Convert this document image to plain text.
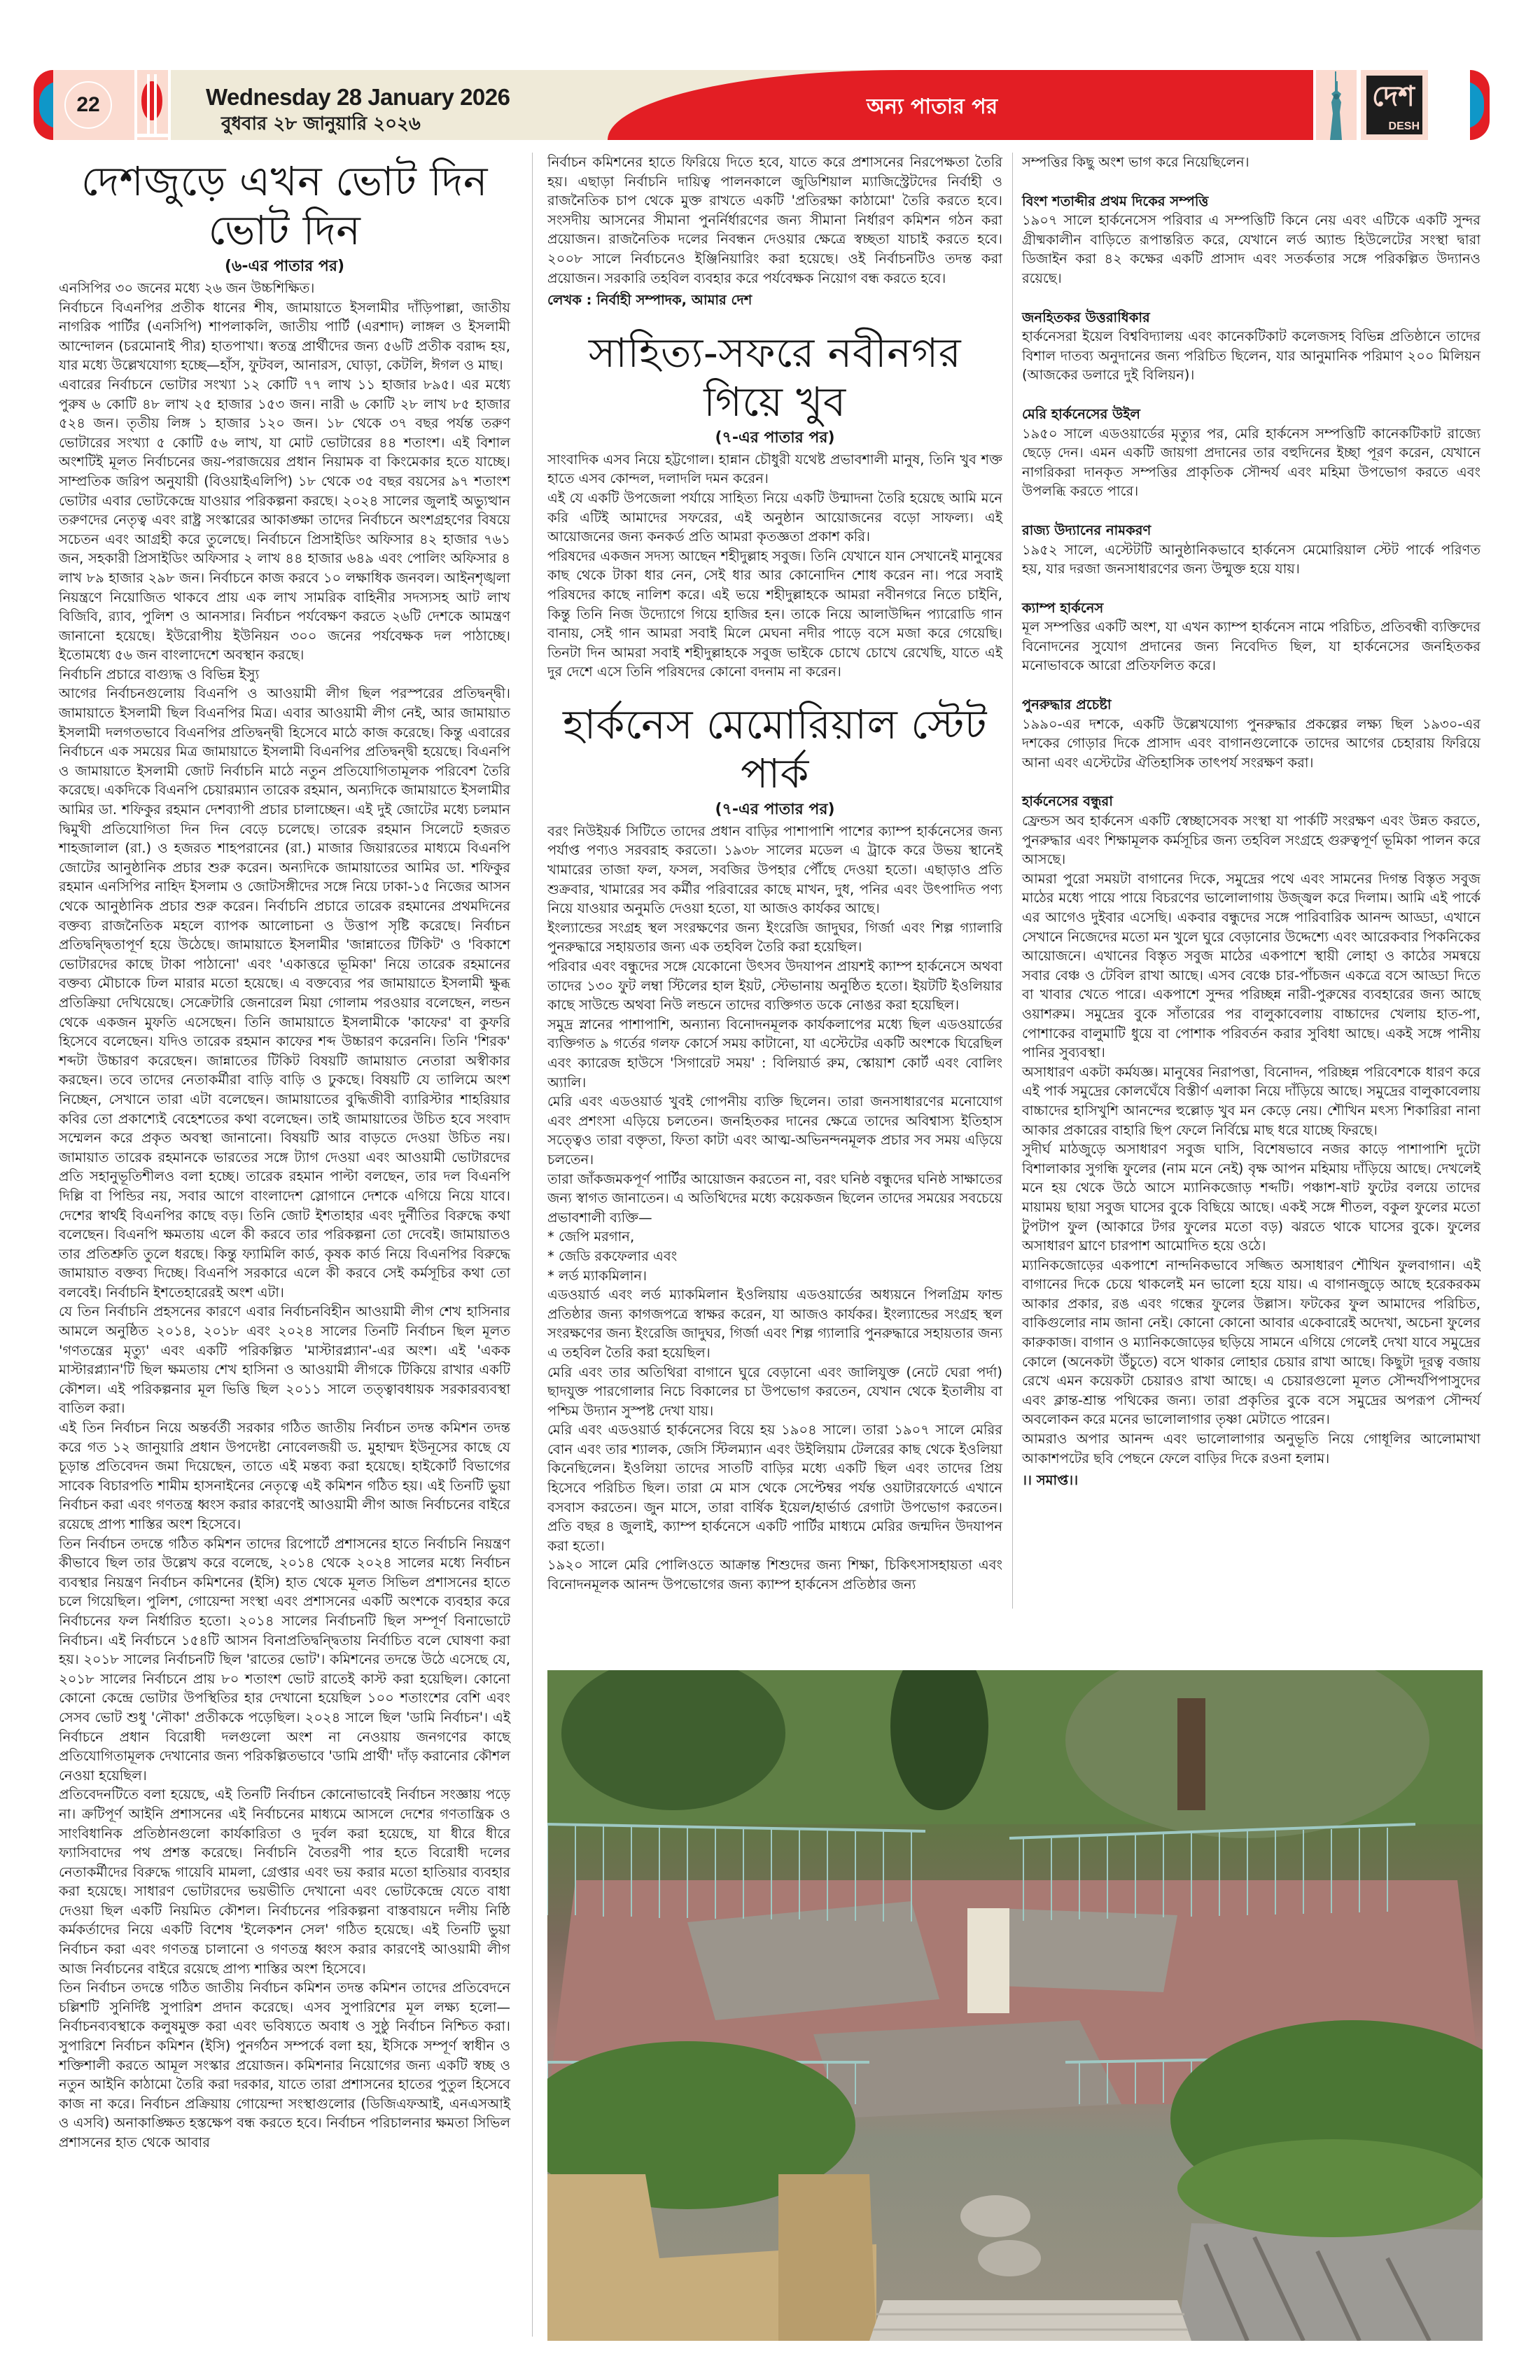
22	Wednesday 28 January 2026
বুধবার ২৮ জানুয়ারি ২০২৬
অন্য পাতার পর	দেশ
DESH
দেশজুড়ে এখন ভোট দিন ভোট দিন
(৬-এর পাতার পর)

এনসিপির ৩০ জনের মধ্যে ২৬ জন উচ্চশিক্ষিত।

নির্বাচনে বিএনপির প্রতীক ধানের শীষ, জামায়াতে ইসলামীর দাঁড়িপাল্লা, জাতীয় নাগরিক পার্টির (এনসিপি) শাপলাকলি, জাতীয় পার্টি (এরশাদ) লাঙ্গল ও ইসলামী আন্দোলন (চরমোনাই পীর) হাতপাখা। স্বতন্ত্র প্রার্থীদের জন্য ৫৬টি প্রতীক বরাদ্দ হয়, যার মধ্যে উল্লেখযোগ্য হচ্ছে—হাঁস, ফুটবল, আনারস, ঘোড়া, কেটলি, ঈগল ও মাছ।

এবারের নির্বাচনে ভোটার সংখ্যা ১২ কোটি ৭৭ লাখ ১১ হাজার ৮৯৫। এর মধ্যে পুরুষ ৬ কোটি ৪৮ লাখ ২৫ হাজার ১৫৩ জন। নারী ৬ কোটি ২৮ লাখ ৮৫ হাজার ৫২৪ জন। তৃতীয় লিঙ্গ ১ হাজার ১২০ জন। ১৮ থেকে ৩৭ বছর পর্যন্ত তরুণ ভোটারের সংখ্যা ৫ কোটি ৫৬ লাখ, যা মোট ভোটারের ৪৪ শতাংশ। এই বিশাল অংশটিই মূলত নির্বাচনের জয়-পরাজয়ের প্রধান নিয়ামক বা কিংমেকার হতে যাচ্ছে। সাম্প্রতিক জরিপ অনুযায়ী (বিওয়াইএলিপি) ১৮ থেকে ৩৫ বছর বয়সের ৯৭ শতাংশ ভোটার এবার ভোটকেন্দ্রে যাওয়ার পরিকল্পনা করছে। ২০২৪ সালের জুলাই অভ্যুত্থান তরুণদের নেতৃত্ব এবং রাষ্ট্র সংস্কারের আকাঙ্ক্ষা তাদের নির্বাচনে অংশগ্রহণের বিষয়ে সচেতন এবং আগ্রহী করে তুলেছে। নির্বাচনে প্রিসাইডিং অফিসার ৪২ হাজার ৭৬১ জন, সহকারী প্রিসাইডিং অফিসার ২ লাখ ৪৪ হাজার ৬৪৯ এবং পোলিং অফিসার ৪ লাখ ৮৯ হাজার ২৯৮ জন। নির্বাচনে কাজ করবে ১০ লক্ষাধিক জনবল। আইনশৃঙ্খলা নিয়ন্ত্রণে নিয়োজিত থাকবে প্রায় এক লাখ সামরিক বাহিনীর সদস্যসহ আট লাখ বিজিবি, র‍্যাব, পুলিশ ও আনসার। নির্বাচন পর্যবেক্ষণ করতে ২৬টি দেশকে আমন্ত্রণ জানানো হয়েছে। ইউরোপীয় ইউনিয়ন ৩০০ জনের পর্যবেক্ষক দল পাঠাচ্ছে। ইতোমধ্যে ৫৬ জন বাংলাদেশে অবস্থান করছে।

নির্বাচনি প্রচারে বাগ্যুদ্ধ ও বিভিন্ন ইস্যু

আগের নির্বাচনগুলোয় বিএনপি ও আওয়ামী লীগ ছিল পরস্পরের প্রতিদ্বন্দ্বী। জামায়াতে ইসলামী ছিল বিএনপির মিত্র। এবার আওয়ামী লীগ নেই, আর জামায়াত ইসলামী দলগতভাবে বিএনপির প্রতিদ্বন্দ্বী হিসেবে মাঠে কাজ করেছে। কিন্তু এবারের নির্বাচনে এক সময়ের মিত্র জামায়াতে ইসলামী বিএনপির প্রতিদ্বন্দ্বী হয়েছে। বিএনপি ও জামায়াতে ইসলামী জোট নির্বাচনি মাঠে নতুন প্রতিযোগিতামূলক পরিবেশ তৈরি করেছে। একদিকে বিএনপি চেয়ারম্যান তারেক রহমান, অন্যদিকে জামায়াতে ইসলামীর আমির ডা. শফিকুর রহমান দেশব্যাপী প্রচার চালাচ্ছেন। এই দুই জোটের মধ্যে চলমান দ্বিমুখী প্রতিযোগিতা দিন দিন বেড়ে চলেছে। তারেক রহমান সিলেটে হজরত শাহজালাল (রা.) ও হজরত শাহপরানের (রা.) মাজার জিয়ারতের মাধ্যমে বিএনপি জোটের আনুষ্ঠানিক প্রচার শুরু করেন। অন্যদিকে জামায়াতের আমির ডা. শফিকুর রহমান এনসিপির নাহিদ ইসলাম ও জোটসঙ্গীদের সঙ্গে নিয়ে ঢাকা-১৫ নিজের আসন থেকে আনুষ্ঠানিক প্রচার শুরু করেন। নির্বাচনি প্রচারে তারেক রহমানের প্রথমদিনের বক্তব্য রাজনৈতিক মহলে ব্যাপক আলোচনা ও উত্তাপ সৃষ্টি করেছে। নির্বাচন প্রতিদ্বন্দ্বিতাপূর্ণ হয়ে উঠেছে। জামায়াতে ইসলামীর 'জান্নাতের টিকিট' ও 'বিকাশে ভোটারদের কাছে টাকা পাঠানো' এবং 'একাত্তরে ভূমিকা' নিয়ে তারেক রহমানের বক্তব্য মৌচাকে ঢিল মারার মতো হয়েছে। এ বক্তব্যের পর জামায়াতে ইসলামী ক্ষুব্ধ প্রতিক্রিয়া দেখিয়েছে। সেক্রেটারি জেনারেল মিয়া গোলাম পরওয়ার বলেছেন, লন্ডন থেকে একজন মুফতি এসেছেন। তিনি জামায়াতে ইসলামীকে 'কাফের' বা কুফরি হিসেবে বলেছেন। যদিও তারেক রহমান কাফের শব্দ উচ্চারণ করেননি। তিনি 'শিরক' শব্দটা উচ্চারণ করেছেন। জান্নাতের টিকিট বিষয়টি জামায়াত নেতারা অস্বীকার করছেন। তবে তাদের নেতাকর্মীরা বাড়ি বাড়ি ও ঢুকছে। বিষয়টি যে তালিমে অংশ নিচ্ছেন, সেখানে তারা এটা বলেছেন। জামায়াতের বুদ্ধিজীবী ব্যারিস্টার শাহরিয়ার কবির তো প্রকাশ্যেই বেহেশতের কথা বলেছেন। তাই জামায়াতের উচিত হবে সংবাদ সম্মেলন করে প্রকৃত অবস্থা জানানো। বিষয়টি আর বাড়তে দেওয়া উচিত নয়। জামায়াত তারেক রহমানকে ভারতের সঙ্গে ট্যাগ দেওয়া এবং আওয়ামী ভোটারদের প্রতি সহানুভূতিশীলও বলা হচ্ছে। তারেক রহমান পাল্টা বলছেন, তার দল বিএনপি দিল্লি বা পিন্ডির নয়, সবার আগে বাংলাদেশ স্লোগানে দেশকে এগিয়ে নিয়ে যাবে। দেশের স্বার্থই বিএনপির কাছে বড়। তিনি জোট ইশতাহার এবং দুর্নীতির বিরুদ্ধে কথা বলেছেন। বিএনপি ক্ষমতায় এলে কী করবে তার পরিকল্পনা তো দেবেই। জামায়াতও তার প্রতিশ্রুতি তুলে ধরছে। কিন্তু ফ্যামিলি কার্ড, কৃষক কার্ড নিয়ে বিএনপির বিরুদ্ধে জামায়াত বক্তব্য দিচ্ছে। বিএনপি সরকারে এলে কী করবে সেই কর্মসূচির কথা তো বলবেই। নির্বাচনি ইশতেহারেরই অংশ এটা।

যে তিন নির্বাচনি প্রহসনের কারণে এবার নির্বাচনবিহীন আওয়ামী লীগ শেখ হাসিনার আমলে অনুষ্ঠিত ২০১৪, ২০১৮ এবং ২০২৪ সালের তিনটি নির্বাচন ছিল মূলত 'গণতন্ত্রের মৃত্যু' এবং একটি পরিকল্পিত 'মাস্টারপ্ল্যান'-এর অংশ। এই 'একক মাস্টারপ্ল্যান'টি ছিল ক্ষমতায় শেখ হাসিনা ও আওয়ামী লীগকে টিকিয়ে রাখার একটি কৌশল। এই পরিকল্পনার মূল ভিত্তি ছিল ২০১১ সালে তত্ত্বাবধায়ক সরকারব্যবস্থা বাতিল করা।

এই তিন নির্বাচন নিয়ে অন্তর্বর্তী সরকার গঠিত জাতীয় নির্বাচন তদন্ত কমিশন তদন্ত করে গত ১২ জানুয়ারি প্রধান উপদেষ্টা নোবেলজয়ী ড. মুহাম্মদ ইউনূসের কাছে যে চূড়ান্ত প্রতিবেদন জমা দিয়েছেন, তাতে এই মন্তব্য করা হয়েছে। হাইকোর্ট বিভাগের সাবেক বিচারপতি শামীম হাসনাইনের নেতৃত্বে এই কমিশন গঠিত হয়। এই তিনটি ভুয়া নির্বাচন করা এবং গণতন্ত্র ধ্বংস করার কারণেই আওয়ামী লীগ আজ নির্বাচনের বাইরে রয়েছে প্রাপ্য শাস্তির অংশ হিসেবে।

তিন নির্বাচন তদন্তে গঠিত কমিশন তাদের রিপোর্টে প্রশাসনের হাতে নির্বাচনি নিয়ন্ত্রণ কীভাবে ছিল তার উল্লেখ করে বলেছে, ২০১৪ থেকে ২০২৪ সালের মধ্যে নির্বাচন ব্যবস্থার নিয়ন্ত্রণ নির্বাচন কমিশনের (ইসি) হাত থেকে মূলত সিভিল প্রশাসনের হাতে চলে গিয়েছিল। পুলিশ, গোয়েন্দা সংস্থা এবং প্রশাসনের একটি অংশকে ব্যবহার করে নির্বাচনের ফল নির্ধারিত হতো। ২০১৪ সালের নির্বাচনটি ছিল সম্পূর্ণ বিনাভোটে নির্বাচন। এই নির্বাচনে ১৫৪টি আসন বিনাপ্রতিদ্বন্দ্বিতায় নির্বাচিত বলে ঘোষণা করা হয়। ২০১৮ সালের নির্বাচনটি ছিল 'রাতের ভোট'। কমিশনের তদন্তে উঠে এসেছে যে, ২০১৮ সালের নির্বাচনে প্রায় ৮০ শতাংশ ভোট রাতেই কাস্ট করা হয়েছিল। কোনো কোনো কেন্দ্রে ভোটার উপস্থিতির হার দেখানো হয়েছিল ১০০ শতাংশের বেশি এবং সেসব ভোট শুধু 'নৌকা' প্রতীককে পড়েছিল। ২০২৪ সালে ছিল 'ডামি নির্বাচন'। এই নির্বাচনে প্রধান বিরোধী দলগুলো অংশ না নেওয়ায় জনগণের কাছে প্রতিযোগিতামূলক দেখানোর জন্য পরিকল্পিতভাবে 'ডামি প্রার্থী' দাঁড় করানোর কৌশল নেওয়া হয়েছিল।

প্রতিবেদনটিতে বলা হয়েছে, এই তিনটি নির্বাচন কোনোভাবেই নির্বাচন সংজ্ঞায় পড়ে না। ক্রটিপূর্ণ আইনি প্রশাসনের এই নির্বাচনের মাধ্যমে আসলে দেশের গণতান্ত্রিক ও সাংবিধানিক প্রতিষ্ঠানগুলো কার্যকারিতা ও দুর্বল করা হয়েছে, যা ধীরে ধীরে ফ্যাসিবাদের পথ প্রশস্ত করেছে। নির্বাচনি বৈতরণী পার হতে বিরোধী দলের নেতাকর্মীদের বিরুদ্ধে গায়েবি মামলা, গ্রেপ্তার এবং ভয় করার মতো হাতিয়ার ব্যবহার করা হয়েছে। সাধারণ ভোটারদের ভয়ভীতি দেখানো এবং ভোটকেন্দ্রে যেতে বাধা দেওয়া ছিল একটি নিয়মিত কৌশল। নির্বাচনের পরিকল্পনা বাস্তবায়নে দলীয় নিষ্ঠি কর্মকর্তাদের নিয়ে একটি বিশেষ 'ইলেকশন সেল' গঠিত হয়েছে। এই তিনটি ভুয়া নির্বাচন করা এবং গণতন্ত্র চালানো ও গণতন্ত্র ধ্বংস করার কারণেই আওয়ামী লীগ আজ নির্বাচনের বাইরে রয়েছে প্রাপ্য শাস্তির অংশ হিসেবে।

তিন নির্বাচন তদন্তে গঠিত জাতীয় নির্বাচন কমিশন তদন্ত কমিশন তাদের প্রতিবেদনে চল্লিশটি সুনির্দিষ্ট সুপারিশ প্রদান করেছে। এসব সুপারিশের মূল লক্ষ্য হলো—নির্বাচনব্যবস্থাকে কলুষমুক্ত করা এবং ভবিষ্যতে অবাধ ও সুষ্ঠু নির্বাচন নিশ্চিত করা। সুপারিশে নির্বাচন কমিশন (ইসি) পুনর্গঠন সম্পর্কে বলা হয়, ইসিকে সম্পূর্ণ স্বাধীন ও শক্তিশালী করতে আমূল সংস্কার প্রয়োজন। কমিশনার নিয়োগের জন্য একটি স্বচ্ছ ও নতুন আইনি কাঠামো তৈরি করা দরকার, যাতে তারা প্রশাসনের হাতের পুতুল হিসেবে কাজ না করে। নির্বাচন প্রক্রিয়ায় গোয়েন্দা সংস্থাগুলোর (ডিজিএফআই, এনএসআই ও এসবি) অনাকাঙ্ক্ষিত হস্তক্ষেপ বন্ধ করতে হবে। নির্বাচন পরিচালনার ক্ষমতা সিভিল প্রশাসনের হাত থেকে আবার

নির্বাচন কমিশনের হাতে ফিরিয়ে দিতে হবে, যাতে করে প্রশাসনের নিরপেক্ষতা তৈরি হয়। এছাড়া নির্বাচনি দায়িত্ব পালনকালে জুডিশিয়াল ম্যাজিস্ট্রেটদের নির্বাহী ও রাজনৈতিক চাপ থেকে মুক্ত রাখতে একটি 'প্রতিরক্ষা কাঠামো' তৈরি করতে হবে। সংসদীয় আসনের সীমানা পুনর্নির্ধারণের জন্য সীমানা নির্ধারণ কমিশন গঠন করা প্রয়োজন। রাজনৈতিক দলের নিবন্ধন দেওয়ার ক্ষেত্রে স্বচ্ছতা যাচাই করতে হবে। ২০০৮ সালে নির্বাচনেও ইঞ্জিনিয়ারিং করা হয়েছে। ওই নির্বাচনটিও তদন্ত করা প্রয়োজন। সরকারি তহবিল ব্যবহার করে পর্যবেক্ষক নিয়োগ বন্ধ করতে হবে।

লেখক : নির্বাহী সম্পাদক, আমার দেশ

সাহিত্য-সফরে নবীনগর গিয়ে খুব
(৭-এর পাতার পর)

সাংবাদিক এসব নিয়ে হট্টগোল। হান্নান চৌধুরী যথেষ্ট প্রভাবশালী মানুষ, তিনি খুব শক্ত হাতে এসব কোন্দল, দলাদলি দমন করেন।

এই যে একটি উপজেলা পর্যায়ে সাহিত্য নিয়ে একটি উন্মাদনা তৈরি হয়েছে আমি মনে করি এটিই আমাদের সফরের, এই অনুষ্ঠান আয়োজনের বড়ো সাফল্য। এই আয়োজনের জন্য কনকর্ড প্রতি আমরা কৃতজ্ঞতা প্রকাশ করি।

পরিষদের একজন সদস্য আছেন শহীদুল্লাহ সবুজ। তিনি যেখানে যান সেখানেই মানুষের কাছ থেকে টাকা ধার নেন, সেই ধার আর কোনোদিন শোধ করেন না। পরে সবাই পরিষদের কাছে নালিশ করে। এই ভয়ে শহীদুল্লাহকে আমরা নবীনগরে নিতে চাইনি, কিন্তু তিনি নিজ উদ্যোগে গিয়ে হাজির হন। তাকে নিয়ে আলাউদ্দিন প্যারোডি গান বানায়, সেই গান আমরা সবাই মিলে মেঘনা নদীর পাড়ে বসে মজা করে গেয়েছি। তিনটা দিন আমরা সবাই শহীদুল্লাহকে সবুজ ভাইকে চোখে চোখে রেখেছি, যাতে এই দুর দেশে এসে তিনি পরিষদের কোনো বদনাম না করেন।

হার্কনেস মেমোরিয়াল স্টেট পার্ক
(৭-এর পাতার পর)

বরং নিউইয়র্ক সিটিতে তাদের প্রধান বাড়ির পাশাপাশি পাশের ক্যাম্প হার্কনেসের জন্য পর্যাপ্ত পণ্যও সরবরাহ করতো। ১৯৩৮ সালের মডেল এ ট্রাকে করে উভয় স্থানেই খামারের তাজা ফল, ফসল, সবজির উপহার পৌঁছে দেওয়া হতো। এছাড়াও প্রতি শুক্রবার, খামারের সব কর্মীর পরিবারের কাছে মাখন, দুধ, পনির এবং উৎপাদিত পণ্য নিয়ে যাওয়ার অনুমতি দেওয়া হতো, যা আজও কার্যকর আছে।

ইংল্যান্ডের সংগ্রহ স্থল সংরক্ষণের জন্য ইংরেজি জাদুঘর, গির্জা এবং শিল্প গ্যালারি পুনরুদ্ধারে সহায়তার জন্য এক তহবিল তৈরি করা হয়েছিল।

পরিবার এবং বন্ধুদের সঙ্গে যেকোনো উৎসব উদযাপন প্রায়শই ক্যাম্প হার্কনেসে অথবা তাদের ১৩০ ফুট লম্বা স্টিলের হাল ইয়ট, স্টেভানায় অনুষ্ঠিত হতো। ইয়টটি ইওলিয়ার কাছে সাউন্ডে অথবা নিউ লন্ডনে তাদের ব্যক্তিগত ডকে নোঙর করা হয়েছিল।

সমুদ্র স্নানের পাশাপাশি, অন্যান্য বিনোদনমূলক কার্যকলাপের মধ্যে ছিল এডওয়ার্ডের ব্যক্তিগত ৯ গর্তের গলফ কোর্সে সময় কাটানো, যা এস্টেটের একটি অংশকে ঘিরেছিল এবং ক্যারেজ হাউসে 'সিগারেট সময়' : বিলিয়ার্ড রুম, স্কোয়াশ কোর্ট এবং বোলিং অ্যালি।

মেরি এবং এডওয়ার্ড খুবই গোপনীয় ব্যক্তি ছিলেন। তারা জনসাধারণের মনোযোগ এবং প্রশংসা এড়িয়ে চলতেন। জনহিতকর দানের ক্ষেত্রে তাদের অবিশ্বাস্য ইতিহাস সত্ত্বেও তারা বক্তৃতা, ফিতা কাটা এবং আত্ম-অভিনন্দনমূলক প্রচার সব সময় এড়িয়ে চলতেন।

তারা জাঁকজমকপূর্ণ পার্টির আয়োজন করতেন না, বরং ঘনিষ্ঠ বন্ধুদের ঘনিষ্ঠ সাক্ষাতের জন্য স্বাগত জানাতেন। এ অতিথিদের মধ্যে কয়েকজন ছিলেন তাদের সময়ের সবচেয়ে প্রভাবশালী ব্যক্তি—

* জেপি মরগান,

* জেডি রকফেলার এবং

* লর্ড ম্যাকমিলান।

এডওয়ার্ড এবং লর্ড ম্যাকমিলান ইওলিয়ায় এডওয়ার্ডের অধ্যয়নে পিলগ্রিম ফান্ড প্রতিষ্ঠার জন্য কাগজপত্রে স্বাক্ষর করেন, যা আজও কার্যকর। ইংল্যান্ডের সংগ্রহ স্থল সংরক্ষণের জন্য ইংরেজি জাদুঘর, গির্জা এবং শিল্প গ্যালারি পুনরুদ্ধারে সহায়তার জন্য এ তহবিল তৈরি করা হয়েছিল।

মেরি এবং তার অতিথিরা বাগানে ঘুরে বেড়ানো এবং জালিযুক্ত (নেটে ঘেরা পর্দা) ছাদযুক্ত পারগোলার নিচে বিকালের চা উপভোগ করতেন, যেখান থেকে ইতালীয় বা পশ্চিম উদ্যান সুস্পষ্ট দেখা যায়।

মেরি এবং এডওয়ার্ড হার্কনেসের বিয়ে হয় ১৯০৪ সালে। তারা ১৯০৭ সালে মেরির বোন এবং তার শ্যালক, জেসি স্টিলম্যান এবং উইলিয়াম টেলরের কাছ থেকে ইওলিয়া কিনেছিলেন। ইওলিয়া তাদের সাতটি বাড়ির মধ্যে একটি ছিল এবং তাদের প্রিয় হিসেবে পরিচিত ছিল। তারা মে মাস থেকে সেপ্টেম্বর পর্যন্ত ওয়াটারফোর্ডে এখানে বসবাস করতেন। জুন মাসে, তারা বার্ষিক ইয়েল/হার্ভার্ড রেগাটা উপভোগ করতেন। প্রতি বছর ৪ জুলাই, ক্যাম্প হার্কনেসে একটি পার্টির মাধ্যমে মেরির জন্মদিন উদযাপন করা হতো।

১৯২০ সালে মেরি পোলিওতে আক্রান্ত শিশুদের জন্য শিক্ষা, চিকিৎসাসহায়তা এবং বিনোদনমূলক আনন্দ উপভোগের জন্য ক্যাম্প হার্কনেস প্রতিষ্ঠার জন্য

সম্পত্তির কিছু অংশ ভাগ করে নিয়েছিলেন।

বিংশ শতাব্দীর প্রথম দিকের সম্পত্তি

১৯০৭ সালে হার্কনেসেস পরিবার এ সম্পত্তিটি কিনে নেয় এবং এটিকে একটি সুন্দর গ্রীষ্মকালীন বাড়িতে রূপান্তরিত করে, যেখানে লর্ড অ্যান্ড হিউলেটের সংস্থা দ্বারা ডিজাইন করা ৪২ কক্ষের একটি প্রাসাদ এবং সতর্কতার সঙ্গে পরিকল্পিত উদ্যানও রয়েছে।

জনহিতকর উত্তরাধিকার

হার্কনেসরা ইয়েল বিশ্ববিদ্যালয় এবং কানেকটিকাট কলেজসহ বিভিন্ন প্রতিষ্ঠানে তাদের বিশাল দাতব্য অনুদানের জন্য পরিচিত ছিলেন, যার আনুমানিক পরিমাণ ২০০ মিলিয়ন (আজকের ডলারে দুই বিলিয়ন)।

মেরি হার্কনেসের উইল

১৯৫০ সালে এডওয়ার্ডের মৃত্যুর পর, মেরি হার্কনেস সম্পত্তিটি কানেকটিকাট রাজ্যে ছেড়ে দেন। এমন একটি জায়গা প্রদানের তার বহুদিনের ইচ্ছা পূরণ করেন, যেখানে নাগরিকরা দানকৃত সম্পত্তির প্রাকৃতিক সৌন্দর্য এবং মহিমা উপভোগ করতে এবং উপলব্ধি করতে পারে।

রাজ্য উদ্যানের নামকরণ

১৯৫২ সালে, এস্টেটটি আনুষ্ঠানিকভাবে হার্কনেস মেমোরিয়াল স্টেট পার্কে পরিণত হয়, যার দরজা জনসাধারণের জন্য উন্মুক্ত হয়ে যায়।

ক্যাম্প হার্কনেস

মূল সম্পত্তির একটি অংশ, যা এখন ক্যাম্প হার্কনেস নামে পরিচিত, প্রতিবন্ধী ব্যক্তিদের বিনোদনের সুযোগ প্রদানের জন্য নিবেদিত ছিল, যা হার্কনেসের জনহিতকর মনোভাবকে আরো প্রতিফলিত করে।

পুনরুদ্ধার প্রচেষ্টা

১৯৯০-এর দশকে, একটি উল্লেখযোগ্য পুনরুদ্ধার প্রকল্পের লক্ষ্য ছিল ১৯৩০-এর দশকের গোড়ার দিকে প্রাসাদ এবং বাগানগুলোকে তাদের আগের চেহারায় ফিরিয়ে আনা এবং এস্টেটের ঐতিহাসিক তাৎপর্য সংরক্ষণ করা।

হার্কনেসের বন্ধুরা

ফ্রেন্ডস অব হার্কনেস একটি স্বেচ্ছাসেবক সংস্থা যা পার্কটি সংরক্ষণ এবং উন্নত করতে, পুনরুদ্ধার এবং শিক্ষামূলক কর্মসূচির জন্য তহবিল সংগ্রহে গুরুত্বপূর্ণ ভূমিকা পালন করে আসছে।

আমরা পুরো সময়টা বাগানের দিকে, সমুদ্রের পথে এবং সামনের দিগন্ত বিস্তৃত সবুজ মাঠের মধ্যে পায়ে পায়ে বিচরণের ভালোলাগায় উজ্জ্বল করে দিলাম। আমি এই পার্কে এর আগেও দুইবার এসেছি। একবার বন্ধুদের সঙ্গে পারিবারিক আনন্দ আড্ডা, এখানে সেখানে নিজেদের মতো মন খুলে ঘুরে বেড়ানোর উদ্দেশ্যে এবং আরেকবার পিকনিকের আয়োজনে। এখানের বিস্তৃত সবুজ মাঠের একপাশে স্থায়ী লোহা ও কাঠের সমন্বয়ে সবার বেঞ্চ ও টেবিল রাখা আছে। এসব বেঞ্চে চার-পাঁচজন একত্রে বসে আড্ডা দিতে বা খাবার খেতে পারে। একপাশে সুন্দর পরিচ্ছন্ন নারী-পুরুষের ব্যবহারের জন্য আছে ওয়াশরুম। সমুদ্রের বুকে সাঁতারের পর বালুকাবেলায় বাচ্চাদের খেলায় হাত-পা, পোশাকের বালুমাটি ধুয়ে বা পোশাক পরিবর্তন করার সুবিধা আছে। একই সঙ্গে পানীয় পানির সুব্যবস্থা।

অসাধারণ একটা কর্মযজ্ঞ। মানুষের নিরাপত্তা, বিনোদন, পরিচ্ছন্ন পরিবেশকে ধারণ করে এই পার্ক সমুদ্রের কোলঘেঁষে বিস্তীর্ণ এলাকা নিয়ে দাঁড়িয়ে আছে। সমুদ্রের বালুকাবেলায় বাচ্চাদের হাসিখুশি আনন্দের হুল্লোড় খুব মন কেড়ে নেয়। শৌখিন মৎস্য শিকারিরা নানা আকার প্রকারের বাহারি ছিপ ফেলে নির্বিঘ্নে মাছ ধরে যাচ্ছে ফিরছে।

সুদীর্ঘ মাঠজুড়ে অসাধারণ সবুজ ঘাসি, বিশেষভাবে নজর কাড়ে পাশাপাশি দুটো বিশালাকার সুগন্ধি ফুলের (নাম মনে নেই) বৃক্ষ আপন মহিমায় দাঁড়িয়ে আছে। দেখলেই মনে হয় থেকে উঠে আসে ম্যানিকজোড় শব্দটি। পঞ্চাশ-ষাট ফুটের বলয়ে তাদের মায়াময় ছায়া সবুজ ঘাসের বুকে বিছিয়ে আছে। একই সঙ্গে শীতল, বকুল ফুলের মতো টুপটাপ ফুল (আকারে টগর ফুলের মতো বড়) ঝরতে থাকে ঘাসের বুকে। ফুলের অসাধারণ ঘ্রাণে চারপাশ আমোদিত হয়ে ওঠে।

ম্যানিকজোড়ের একপাশে নান্দনিকভাবে সজ্জিত অসাধারণ শৌখিন ফুলবাগান। এই বাগানের দিকে চেয়ে থাকলেই মন ভালো হয়ে যায়। এ বাগানজুড়ে আছে হরেকরকম আকার প্রকার, রঙ এবং গন্ধের ফুলের উল্লাস। ফটকের ফুল আমাদের পরিচিত, বাকিগুলোর নাম জানা নেই। কোনো কোনো আবার একেবারেই অদেখা, অচেনা ফুলের কারুকাজ। বাগান ও ম্যানিকজোড়ের ছড়িয়ে সামনে এগিয়ে গেলেই দেখা যাবে সমুদ্রের কোলে (অনেকটা উঁচুতে) বসে থাকার লোহার চেয়ার রাখা আছে। কিছুটা দূরত্ব বজায় রেখে এমন কয়েকটা চেয়ারও রাখা আছে। এ চেয়ারগুলো মূলত সৌন্দর্যপিপাসুদের এবং ক্লান্ত-শ্রান্ত পথিকের জন্য। তারা প্রকৃতির বুকে বসে সমুদ্রের অপরূপ সৌন্দর্য অবলোকন করে মনের ভালোলাগার তৃষ্ণা মেটাতে পারেন।

আমরাও অপার আনন্দ এবং ভালোলাগার অনুভূতি নিয়ে গোধূলির আলোমাখা আকাশপটের ছবি পেছনে ফেলে বাড়ির দিকে রওনা হলাম।

।। সমাপ্ত।।
